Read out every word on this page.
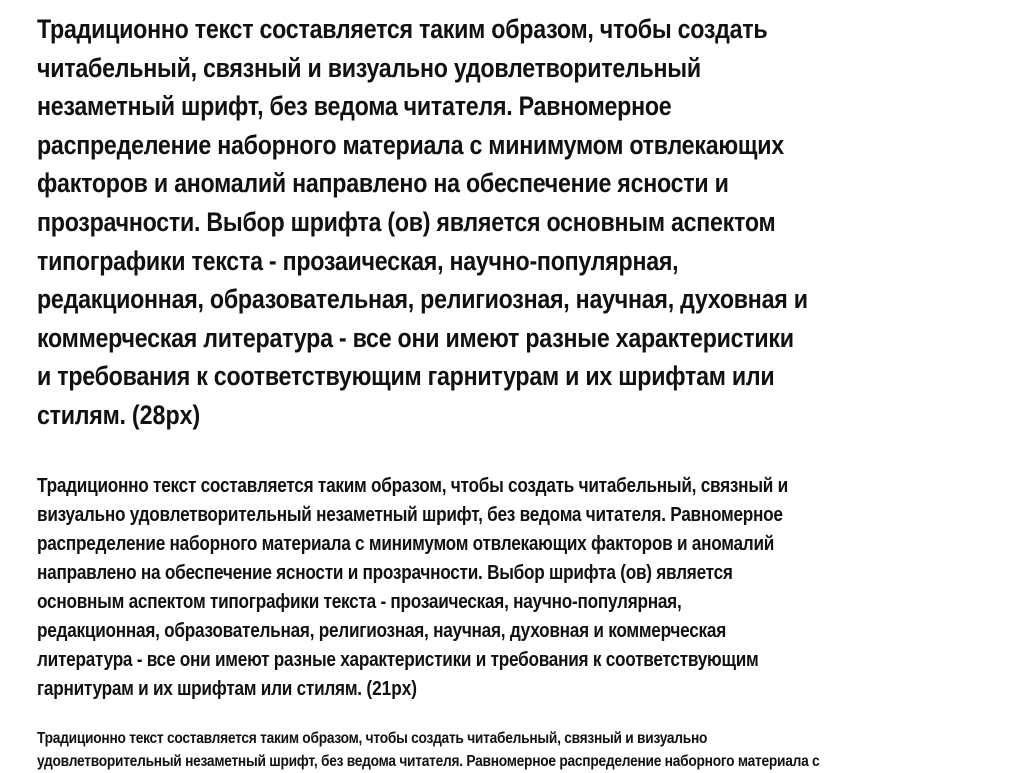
Традиционно текст составляется таким образом, чтобы создать
читабельный, связный и визуально удовлетворительный
незаметный шрифт, без ведома читателя. Равномерное
распределение наборного материала с минимумом отвлекающих
факторов и аномалий направлено на обеспечение ясности и
прозрачности. Выбор шрифта (ов) является основным аспектом
типографики текста - прозаическая, научно-популярная,
редакционная, образовательная, религиозная, научная, духовная и
коммерческая литература - все они имеют разные характеристики
и требования к соответствующим гарнитурам и их шрифтам или
стилям. (28px)
Традиционно текст составляется таким образом, чтобы создать читабельный, связный и
визуально удовлетворительный незаметный шрифт, без ведома читателя. Равномерное
распределение наборного материала с минимумом отвлекающих факторов и аномалий
направлено на обеспечение ясности и прозрачности. Выбор шрифта (ов) является
основным аспектом типографики текста - прозаическая, научно-популярная,
редакционная, образовательная, религиозная, научная, духовная и коммерческая
литература - все они имеют разные характеристики и требования к соответствующим
гарнитурам и их шрифтам или стилям. (21px)
Традиционно текст составляется таким образом, чтобы создать читабельный, связный и визуально
удовлетворительный незаметный шрифт, без ведома читателя. Равномерное распределение наборного материала с
